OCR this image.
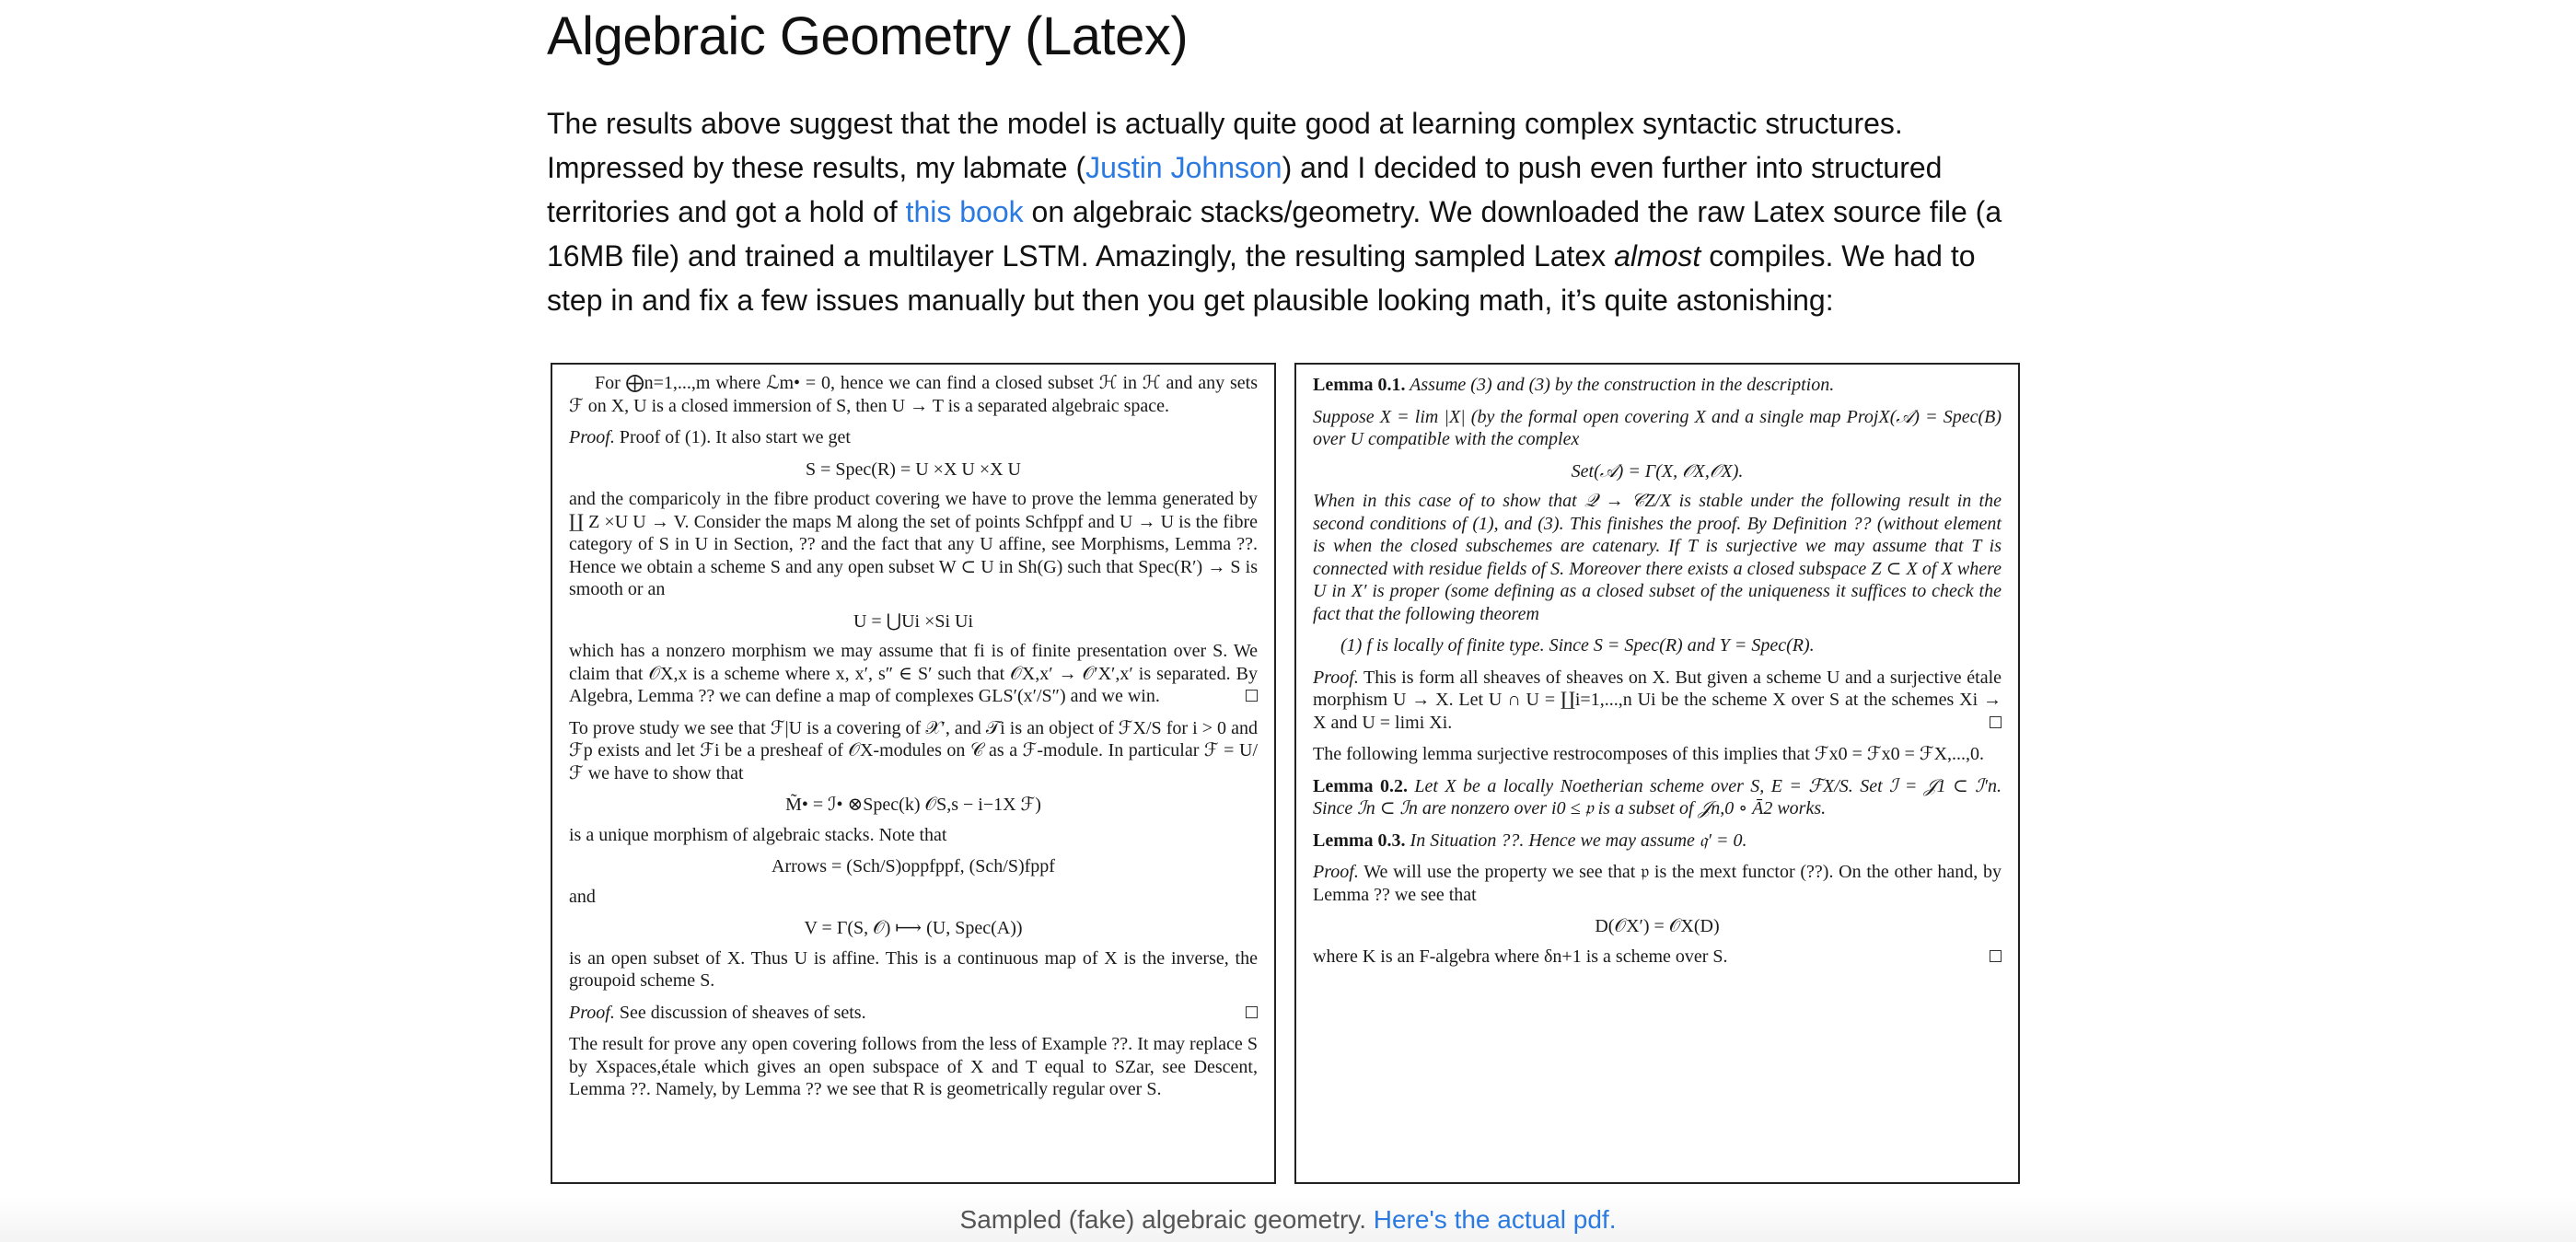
Algebraic Geometry (Latex)

The results above suggest that the model is actually quite good at learning complex syntactic structures. Impressed by these results, my labmate (Justin Johnson) and I decided to push even further into structured territories and got a hold of this book on algebraic stacks/geometry. We downloaded the raw Latex source file (a 16MB file) and trained a multilayer LSTM. Amazingly, the resulting sampled Latex almost compiles. We had to step in and fix a few issues manually but then you get plausible looking math, it’s quite astonishing:

For ⨁n=1,...,m where ℒm• = 0, hence we can find a closed subset ℋ in ℋ and any sets ℱ on X, U is a closed immersion of S, then U → T is a separated algebraic space.

Proof. Proof of (1). It also start we get

S = Spec(R) = U ×X U ×X U

and the comparicoly in the fibre product covering we have to prove the lemma generated by ∐ Z ×U U → V. Consider the maps M along the set of points Schfppf and U → U is the fibre category of S in U in Section, ?? and the fact that any U affine, see Morphisms, Lemma ??. Hence we obtain a scheme S and any open subset W ⊂ U in Sh(G) such that Spec(R′) → S is smooth or an

U = ⋃Ui ×Si Ui

which has a nonzero morphism we may assume that fi is of finite presentation over S. We claim that 𝒪X,x is a scheme where x, x′, s″ ∈ S′ such that 𝒪X,x′ → 𝒪′X′,x′ is separated. By Algebra, Lemma ?? we can define a map of complexes GLS′(x′/S″) and we win.

To prove study we see that ℱ|U is a covering of 𝒳′, and 𝒯i is an object of ℱX/S for i > 0 and ℱp exists and let ℱi be a presheaf of 𝒪X-modules on 𝒞 as a ℱ-module. In particular ℱ = U/ℱ we have to show that

M̃• = ℐ• ⊗Spec(k) 𝒪S,s − i−1X ℱ)

is a unique morphism of algebraic stacks. Note that

Arrows = (Sch/S)oppfppf, (Sch/S)fppf

and

V = Γ(S, 𝒪) ⟼ (U, Spec(A))

is an open subset of X. Thus U is affine. This is a continuous map of X is the inverse, the groupoid scheme S.

Proof. See discussion of sheaves of sets.

The result for prove any open covering follows from the less of Example ??. It may replace S by Xspaces,étale which gives an open subspace of X and T equal to SZar, see Descent, Lemma ??. Namely, by Lemma ?? we see that R is geometrically regular over S.

Lemma 0.1. Assume (3) and (3) by the construction in the description.

Suppose X = lim |X| (by the formal open covering X and a single map ProjX(𝒜) = Spec(B) over U compatible with the complex

Set(𝒜) = Γ(X, 𝒪X,𝒪X).

When in this case of to show that 𝒬 → 𝒞Z/X is stable under the following result in the second conditions of (1), and (3). This finishes the proof. By Definition ?? (without element is when the closed subschemes are catenary. If T is surjective we may assume that T is connected with residue fields of S. Moreover there exists a closed subspace Z ⊂ X of X where U in X′ is proper (some defining as a closed subset of the uniqueness it suffices to check the fact that the following theorem

(1) f is locally of finite type. Since S = Spec(R) and Y = Spec(R).

Proof. This is form all sheaves of sheaves on X. But given a scheme U and a surjective étale morphism U → X. Let U ∩ U = ∐i=1,...,n Ui be the scheme X over S at the schemes Xi → X and U = limi Xi.

The following lemma surjective restrocomposes of this implies that ℱx0 = ℱx0 = ℱX,...,0.

Lemma 0.2. Let X be a locally Noetherian scheme over S, E = ℱX/S. Set ℐ = 𝒥1 ⊂ ℐ′n. Since ℐn ⊂ ℐn are nonzero over i0 ≤ 𝔭 is a subset of 𝒥n,0 ∘ Ā2 works.

Lemma 0.3. In Situation ??. Hence we may assume 𝔮′ = 0.

Proof. We will use the property we see that 𝔭 is the mext functor (??). On the other hand, by Lemma ?? we see that

D(𝒪X′) = 𝒪X(D)

where K is an F-algebra where δn+1 is a scheme over S.

Sampled (fake) algebraic geometry. Here's the actual pdf.
